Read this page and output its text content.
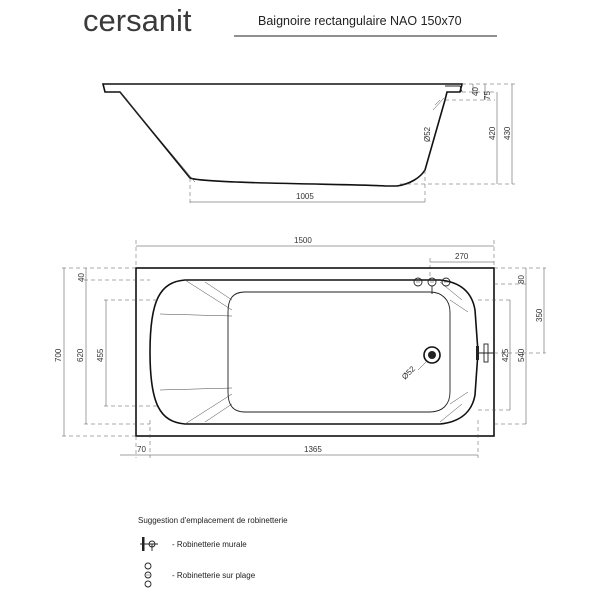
cersanit	Baignoire rectangulaire NAO 150x70
40 75
420 430
Ø52
1005
1500
270
Ø52
40
700 620 455
80
350
425 540
70	1365
Suggestion d'emplacement de robinetterie
- Robinetterie murale
- Robinetterie sur plage
